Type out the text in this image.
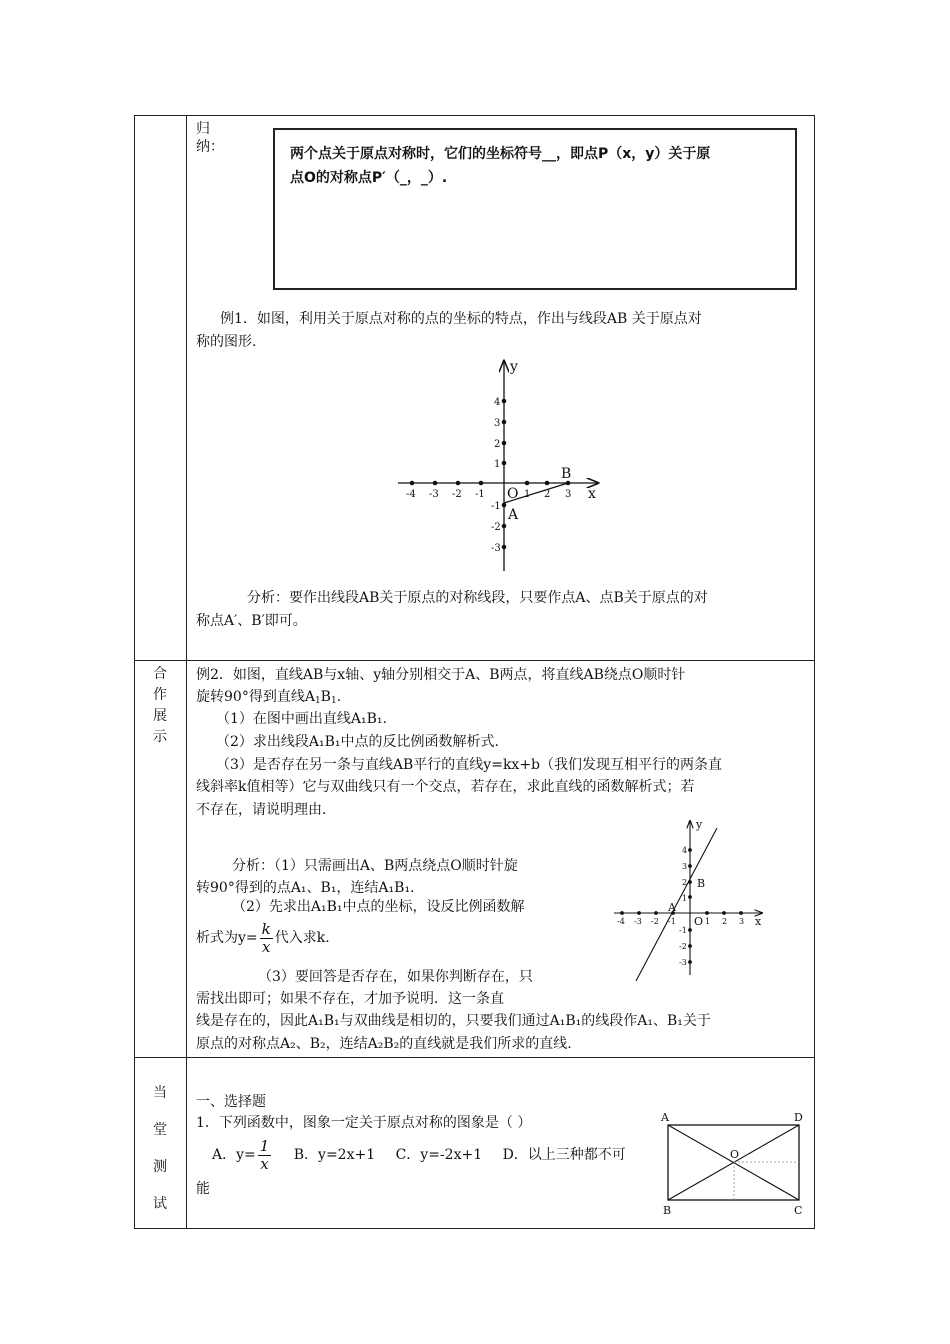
归
纳：	两个点关于原点对称时，它们的坐标符号__，即点P（x，y）关于原
点O的对称点P′（_，_）.
例1．如图，利用关于原点对称的点的坐标的特点，作出与线段AB 关于原点对
称的图形.
-4 -3 -2 -1	1 2 3
4
3
2
1
-1
-2
-3
y
x
O
A
B
分析：要作出线段AB关于原点的对称线段，只要作点A、点B关于原点的对
称点A′、B′即可。
合
作
展
示
例2．如图，直线AB与x轴、y轴分别相交于A、B两点，将直线AB绕点O顺时针
旋转90°得到直线$A_1B_1$.
（1）在图中画出直线A₁B₁.
（2）求出线段A₁B₁中点的反比例函数解析式.
（3）是否存在另一条与直线AB平行的直线y=kx+b（我们发现互相平行的两条直
线斜率k值相等）它与双曲线只有一个交点，若存在，求此直线的函数解析式；若
不存在，请说明理由.
分析：（1）只需画出A、B两点绕点O顺时针旋
转90°得到的点A₁、B₁，连结A₁B₁.
（2）先求出A₁B₁中点的坐标，设反比例函数解
析式为$y= \frac{k}{x}$ 代入求k.
（3）要回答是否存在，如果你判断存在，只
需找出即可；如果不存在，才加予说明．这一条直
线是存在的，因此A₁B₁与双曲线是相切的，只要我们通过A₁B₁的线段作A₁、B₁关于
原点的对称点A₂、B₂，连结A₂B₂的直线就是我们所求的直线.
-4 -3 -2 -1	1 2 3
4
3
2
1
-1
-2
-3
y
x
O
A
B
当
堂
测
试
一、选择题
1．下列函数中，图象一定关于原点对称的图象是（ ）
A．$y= \frac{1}{x}$ B．y=2x+1 C．y=-2x+1 D．以上三种都不可
能
A	D
B	C
O
